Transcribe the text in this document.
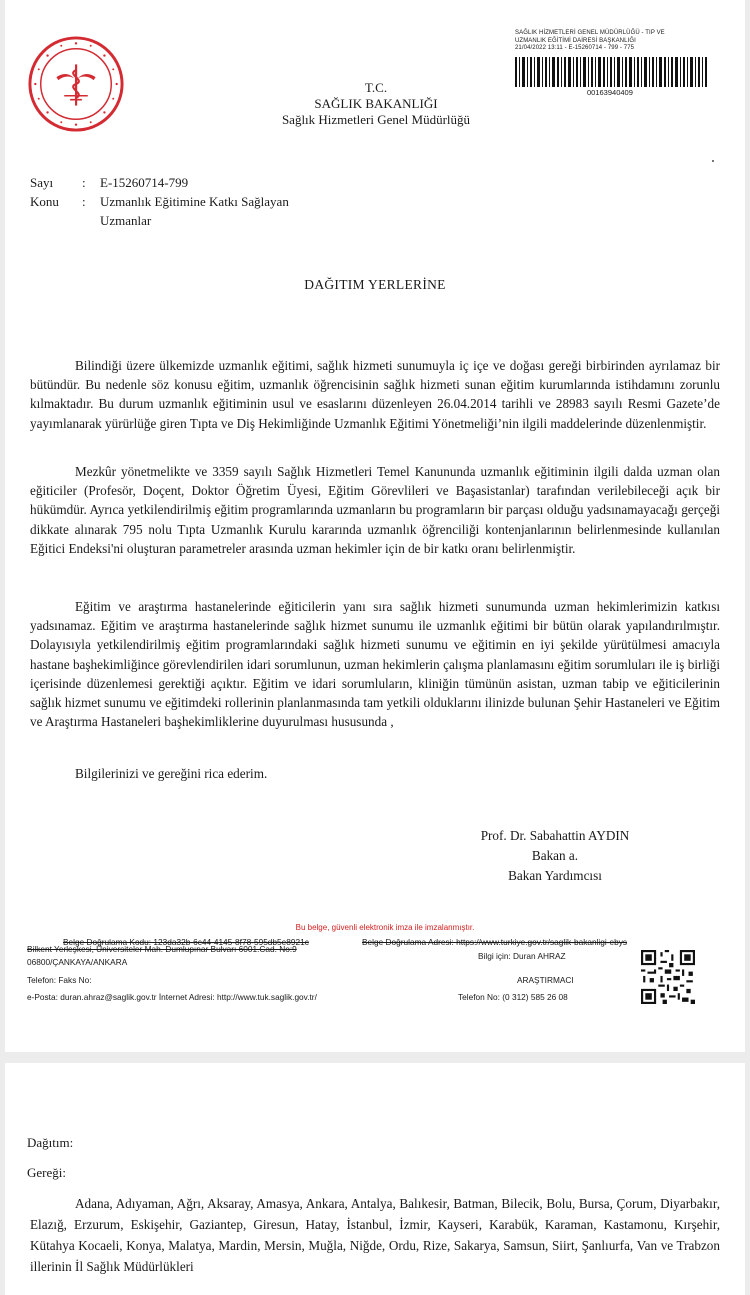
SAĞLIK HİZMETLERİ GENEL MÜDÜRLÜĞÜ - TIP VE
UZMANLIK EĞİTİMİ DAİRESİ BAŞKANLIĞI
21/04/2022 13:11 - E-15260714 - 799 - 775
00163940409
T.C.
SAĞLIK BAKANLIĞI
Sağlık Hizmetleri Genel Müdürlüğü
Sayı : E-15260714-799
Konu : Uzmanlık Eğitimine Katkı Sağlayan
Uzmanlar
DAĞITIM YERLERİNE
Bilindiği üzere ülkemizde uzmanlık eğitimi, sağlık hizmeti sunumuyla iç içe ve doğası gereği birbirinden ayrılamaz bir bütündür. Bu nedenle söz konusu eğitim, uzmanlık öğrencisinin sağlık hizmeti sunan eğitim kurumlarında istihdamını zorunlu kılmaktadır. Bu durum uzmanlık eğitiminin usul ve esaslarını düzenleyen 26.04.2014 tarihli ve 28983 sayılı Resmi Gazete’de yayımlanarak yürürlüğe giren Tıpta ve Diş Hekimliğinde Uzmanlık Eğitimi Yönetmeliği’nin ilgili maddelerinde düzenlenmiştir.
Mezkûr yönetmelikte ve 3359 sayılı Sağlık Hizmetleri Temel Kanununda uzmanlık eğitiminin ilgili dalda uzman olan eğiticiler (Profesör, Doçent, Doktor Öğretim Üyesi, Eğitim Görevlileri ve Başasistanlar) tarafından verilebileceği açık bir hükümdür. Ayrıca yetkilendirilmiş eğitim programlarında uzmanların bu programların bir parçası olduğu yadsınamayacağı gerçeği dikkate alınarak 795 nolu Tıpta Uzmanlık Kurulu kararında uzmanlık öğrenciliği kontenjanlarının belirlenmesinde kullanılan Eğitici Endeksi'ni oluşturan parametreler arasında uzman hekimler için de bir katkı oranı belirlenmiştir.
Eğitim ve araştırma hastanelerinde eğiticilerin yanı sıra sağlık hizmeti sunumunda uzman hekimlerimizin katkısı yadsınamaz. Eğitim ve araştırma hastanelerinde sağlık hizmet sunumu ile uzmanlık eğitimi bir bütün olarak yapılandırılmıştır. Dolayısıyla yetkilendirilmiş eğitim programlarındaki sağlık hizmeti sunumu ve eğitimin en iyi şekilde yürütülmesi amacıyla hastane başhekimliğince görevlendirilen idari sorumlunun, uzman hekimlerin çalışma planlamasını eğitim sorumluları ile iş birliği içerisinde düzenlemesi gerektiği açıktır. Eğitim ve idari sorumluların, kliniğin tümünün asistan, uzman tabip ve eğiticilerinin sağlık hizmet sunumu ve eğitimdeki rollerinin planlanmasında tam yetkili olduklarını ilinizde bulunan Şehir Hastaneleri ve Eğitim ve Araştırma Hastaneleri başhekimliklerine duyurulması hususunda ,
Bilgilerinizi ve gereğini rica ederim.
Prof. Dr. Sabahattin AYDIN
Bakan a.
Bakan Yardımcısı
Bu belge, güvenli elektronik imza ile imzalanmıştır.
Belge Doğrulama Kodu: 123da32b-6c44-4145-8f78-595db5e8921c	Belge Doğrulama Adresi: https://www.turkiye.gov.tr/saglik-bakanligi-ebys
Bilkent Yerleşkesi, Üniversiteler Mah. Dumlupınar Bulvarı 6001.Cad. No:9
06800/ÇANKAYA/ANKARA
Telefon: Faks No:
e-Posta: duran.ahraz@saglik.gov.tr İnternet Adresi: http://www.tuk.saglik.gov.tr/
Bilgi için: Duran AHRAZ
ARAŞTIRMACI
Telefon No: (0 312) 585 26 08
Dağıtım:
Gereği:
Adana, Adıyaman, Ağrı, Aksaray, Amasya, Ankara, Antalya, Balıkesir, Batman, Bilecik, Bolu, Bursa, Çorum, Diyarbakır, Elazığ, Erzurum, Eskişehir, Gaziantep, Giresun, Hatay, İstanbul, İzmir, Kayseri, Karabük, Karaman, Kastamonu, Kırşehir, Kütahya Kocaeli, Konya, Malatya, Mardin, Mersin, Muğla, Niğde, Ordu, Rize, Sakarya, Samsun, Siirt, Şanlıurfa, Van ve Trabzon illerinin İl Sağlık Müdürlükleri
